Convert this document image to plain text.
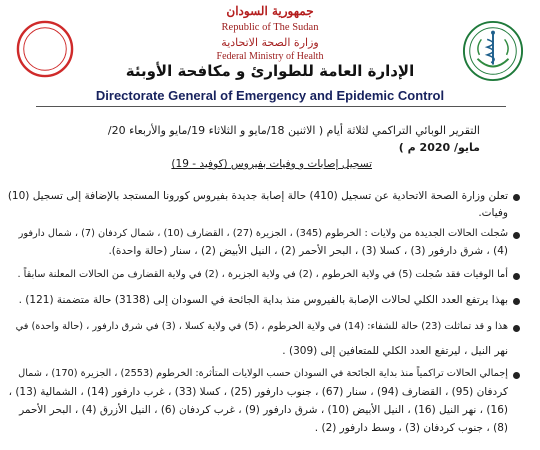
جمهورية السودان
Republic of The Sudan
وزارة الصحة الاتحادية
Federal Ministry of Health
الإدارة العامة للطوارئ و مكافحة الأوبئة
Directorate General of Emergency and Epidemic Control
التقرير الوبائي التراكمي لثلاثة أيام ( الاثنين 18/مايو و الثلاثاء 19/مايو والأربعاء 20/
مايو/ 2020 م )
تسجيل إصابات و وفيات بفيروس (كوفيد - 19)
تعلن وزارة الصحة الاتحادية عن تسجيل (410) حالة إصابة جديدة بفيروس كورونا المستجد بالإضافة إلى تسجيل (10)
وفيات.
سُجلت الحالات الجديدة من ولايات : الخرطوم (345) ، الجزيرة (27) ، القضارف (10) ، شمال كردفان (7) ، شمال دارفور
(4) ، شرق دارفور (3) ، كسلا (3) ، البحر الأحمر (2) ، النيل الأبيض (2) ، سنار (حالة واحدة).
أما الوفيات فقد سُجلت (5) في ولاية الخرطوم ، (2) في ولاية الجزيرة ، (2) في ولاية القضارف من الحالات المعلنة سابقاً .
بهذا يرتفع العدد الكلي لحالات الإصابة بالفيروس منذ بداية الجائحة في السودان إلى (3138) حالة متضمنة (121) .
هذا و قد تماثلت (23) حالة للشفاء: (14) في ولاية الخرطوم ، (5) في ولاية كسلا ، (3) في شرق دارفور ، (حالة واحدة) في
نهر النيل ، ليرتفع العدد الكلي للمتعافين إلى (309) .
إجمالي الحالات تراكمياً منذ بداية الجائحة في السودان حسب الولايات المتأثرة: الخرطوم (2553) ، الجزيرة (170) ، شمال
كردفان (95) ، القضارف (94) ، سنار (67) ، جنوب دارفور (25) ، كسلا (33) ، غرب دارفور (14) ، الشمالية (13) ،
(16) ، نهر النيل (16) ، النيل الأبيض (10) ، شرق دارفور (9) ، غرب كردفان (6) ، النيل الأزرق (4) ، البحر الأحمر
(8) ، جنوب كردفان (3) ، وسط دارفور (2) .
